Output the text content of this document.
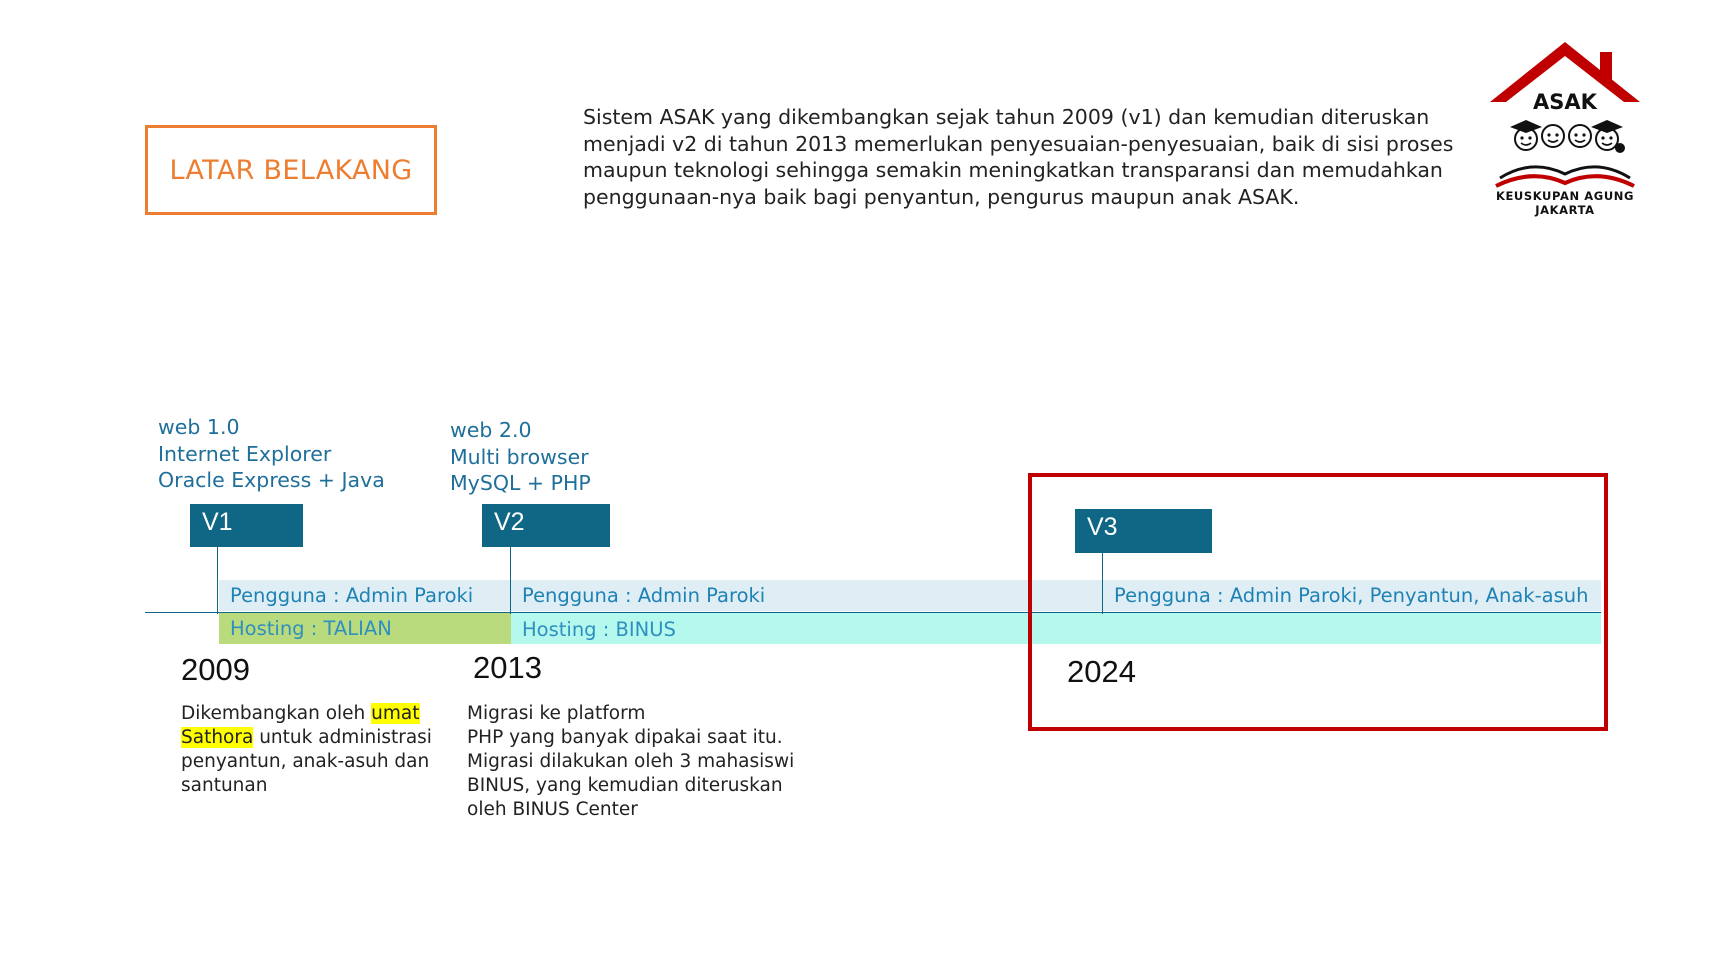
LATAR BELAKANG
Sistem ASAK yang dikembangkan sejak tahun 2009 (v1) dan kemudian diteruskan
menjadi v2 di tahun 2013 memerlukan penyesuaian-penyesuaian, baik di sisi proses
maupun teknologi sehingga semakin meningkatkan transparansi dan memudahkan
penggunaan-nya baik bagi penyantun, pengurus maupun anak ASAK.
ASAK
KEUSKUPAN AGUNG JAKARTA
web 1.0
Internet Explorer
Oracle Express + Java
web 2.0
Multi browser
MySQL + PHP
V1	V2	V3
Pengguna : Admin Paroki	Pengguna : Admin Paroki	Pengguna : Admin Paroki, Penyantun, Anak-asuh
Hosting : TALIAN	Hosting : BINUS
2009	2013	2024
Dikembangkan oleh umat
Sathora untuk administrasi
penyantun, anak-asuh dan
santunan
Migrasi ke platform
PHP yang banyak dipakai saat itu.
Migrasi dilakukan oleh 3 mahasiswi
BINUS, yang kemudian diteruskan
oleh BINUS Center
